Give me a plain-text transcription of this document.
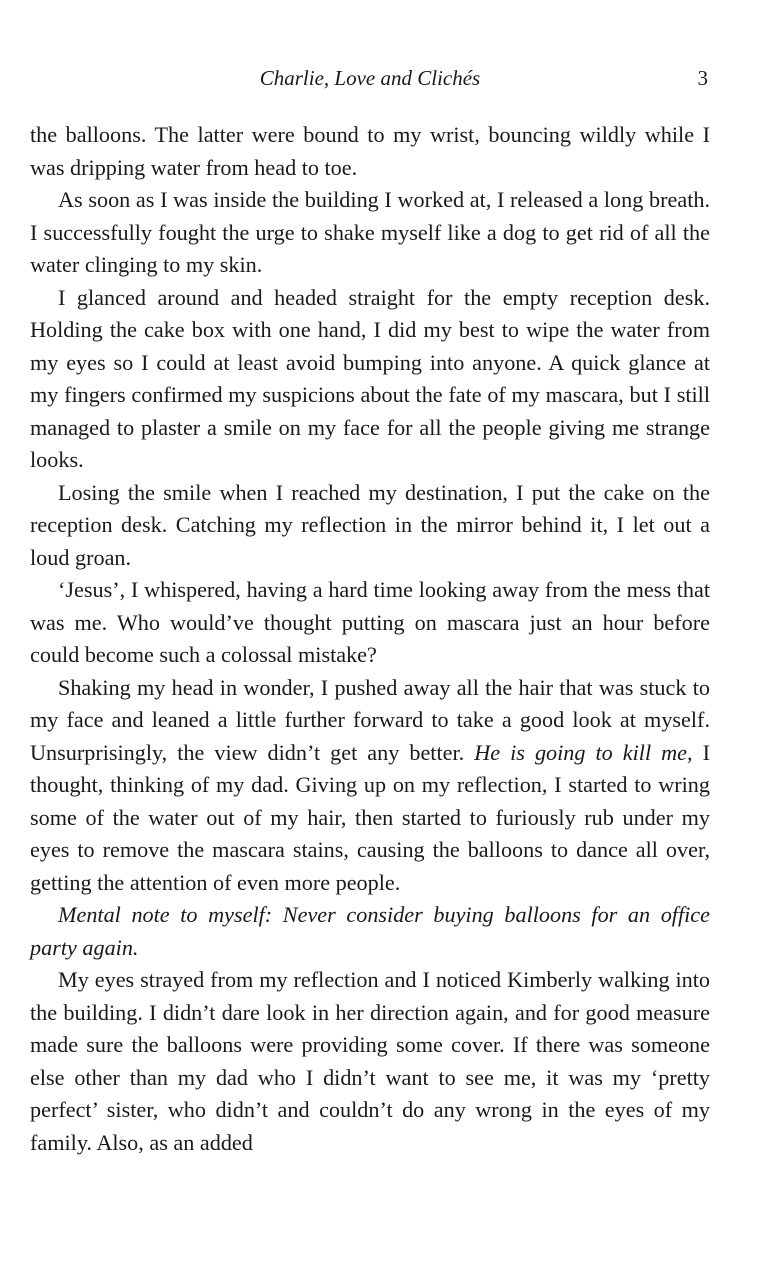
Charlie, Love and Clichés	3

the balloons. The latter were bound to my wrist, bouncing wildly while I was dripping water from head to toe.

As soon as I was inside the building I worked at, I released a long breath. I successfully fought the urge to shake myself like a dog to get rid of all the water clinging to my skin.

I glanced around and headed straight for the empty reception desk. Holding the cake box with one hand, I did my best to wipe the water from my eyes so I could at least avoid bumping into anyone. A quick glance at my fingers confirmed my suspicions about the fate of my mascara, but I still managed to plaster a smile on my face for all the people giving me strange looks.

Losing the smile when I reached my destination, I put the cake on the reception desk. Catching my reflection in the mirror behind it, I let out a loud groan.

‘Jesus’, I whispered, having a hard time looking away from the mess that was me. Who would’ve thought putting on mascara just an hour before could become such a colossal mistake?

Shaking my head in wonder, I pushed away all the hair that was stuck to my face and leaned a little further forward to take a good look at myself. Unsurprisingly, the view didn’t get any better. He is going to kill me, I thought, thinking of my dad. Giving up on my reflection, I started to wring some of the water out of my hair, then started to furiously rub under my eyes to remove the mascara stains, causing the balloons to dance all over, getting the attention of even more people.

Mental note to myself: Never consider buying balloons for an office party again.

My eyes strayed from my reflection and I noticed Kimberly walking into the building. I didn’t dare look in her direction again, and for good measure made sure the balloons were providing some cover. If there was someone else other than my dad who I didn’t want to see me, it was my ‘pretty perfect’ sister, who didn’t and couldn’t do any wrong in the eyes of my family. Also, as an added
